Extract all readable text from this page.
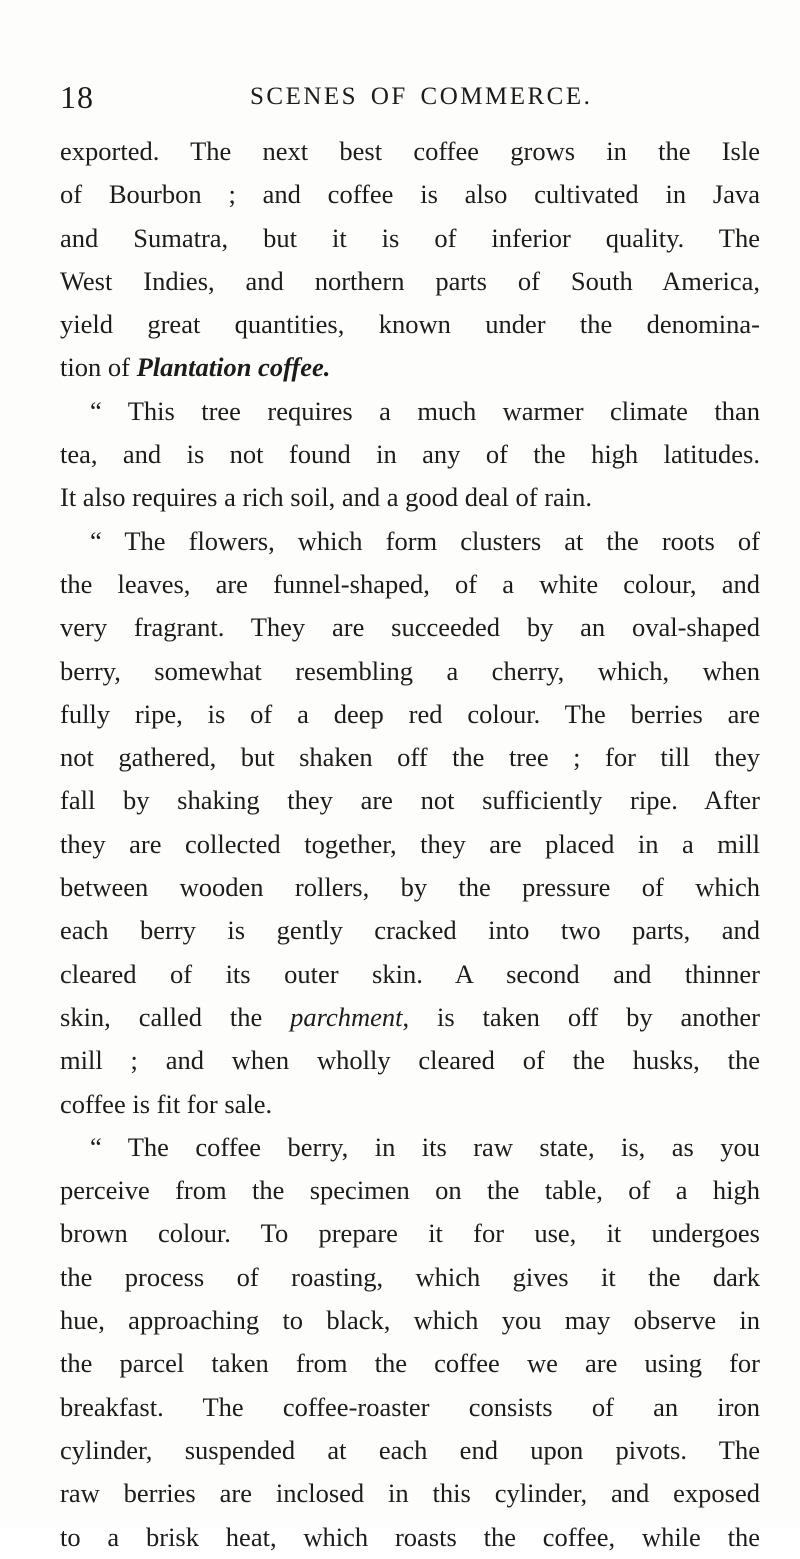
18	SCENES OF COMMERCE.
exported. The next best coffee grows in the Isle
of Bourbon ; and coffee is also cultivated in Java
and Sumatra, but it is of inferior quality. The
West Indies, and northern parts of South America,
yield great quantities, known under the denomina-
tion of Plantation coffee.
“ This tree requires a much warmer climate than
tea, and is not found in any of the high latitudes.
It also requires a rich soil, and a good deal of rain.
“ The flowers, which form clusters at the roots of
the leaves, are funnel-shaped, of a white colour, and
very fragrant. They are succeeded by an oval-shaped
berry, somewhat resembling a cherry, which, when
fully ripe, is of a deep red colour. The berries are
not gathered, but shaken off the tree ; for till they
fall by shaking they are not sufficiently ripe. After
they are collected together, they are placed in a mill
between wooden rollers, by the pressure of which
each berry is gently cracked into two parts, and
cleared of its outer skin. A second and thinner
skin, called the parchment, is taken off by another
mill ; and when wholly cleared of the husks, the
coffee is fit for sale.
“ The coffee berry, in its raw state, is, as you
perceive from the specimen on the table, of a high
brown colour. To prepare it for use, it undergoes
the process of roasting, which gives it the dark
hue, approaching to black, which you may observe in
the parcel taken from the coffee we are using for
breakfast. The coffee-roaster consists of an iron
cylinder, suspended at each end upon pivots. The
raw berries are inclosed in this cylinder, and exposed
to a brisk heat, which roasts the coffee, while the
